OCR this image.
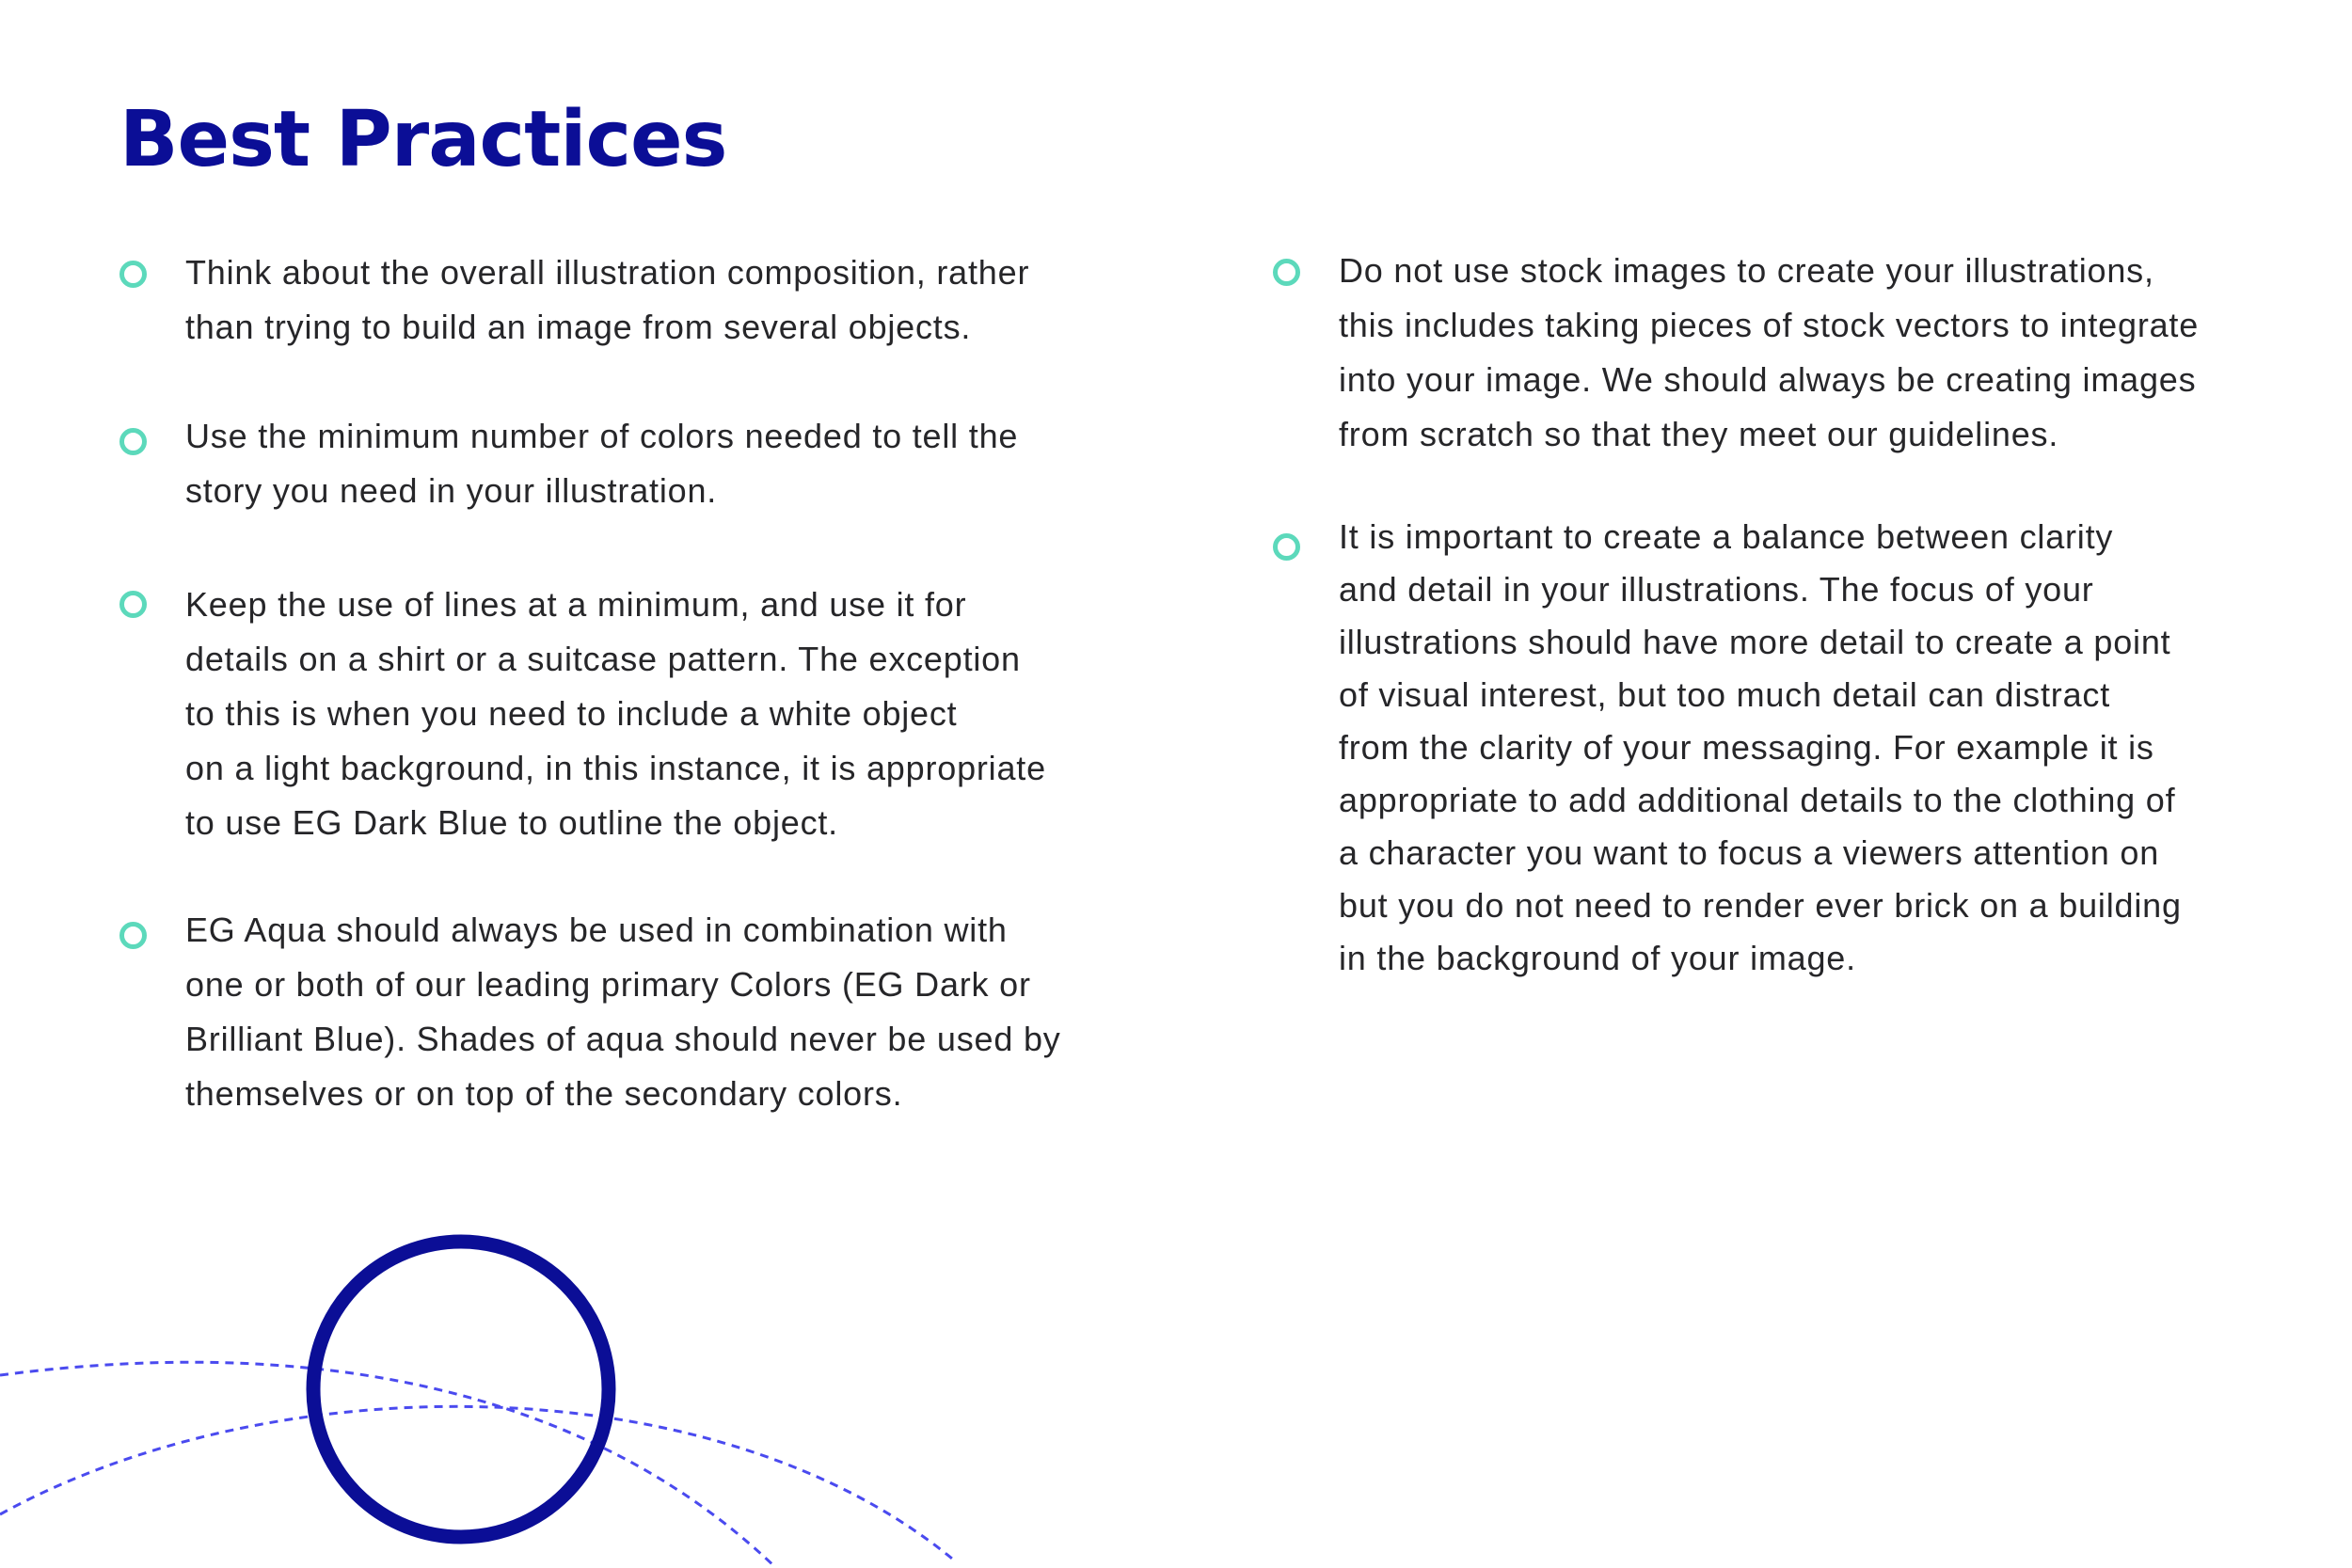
Best Practices

Think about the overall illustration composition, rather
than trying to build an image from several objects.

Use the minimum number of colors needed to tell the
story you need in your illustration.

Keep the use of lines at a minimum, and use it for
details on a shirt or a suitcase pattern. The exception
to this is when you need to include a white object
on a light background, in this instance, it is appropriate
to use EG Dark Blue to outline the object.

EG Aqua should always be used in combination with
one or both of our leading primary Colors (EG Dark or
Brilliant Blue). Shades of aqua should never be used by
themselves or on top of the secondary colors.

Do not use stock images to create your illustrations,
this includes taking pieces of stock vectors to integrate
into your image. We should always be creating images
from scratch so that they meet our guidelines.

It is important to create a balance between clarity
and detail in your illustrations. The focus of your
illustrations should have more detail to create a point
of visual interest, but too much detail can distract
from the clarity of your messaging. For example it is
appropriate to add additional details to the clothing of
a character you want to focus a viewers attention on
but you do not need to render ever brick on a building
in the background of your image.
